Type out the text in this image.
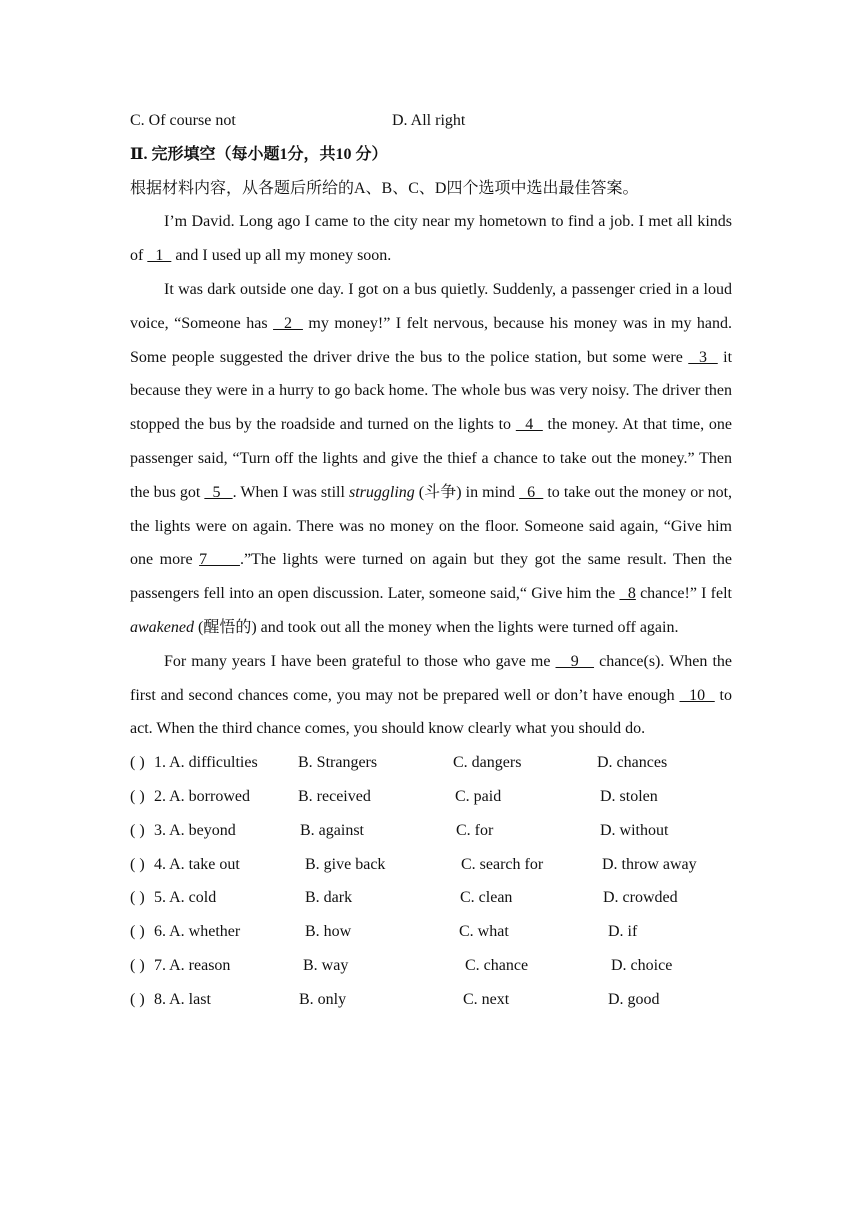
C. Of course not	D. All right
Ⅱ. 完形填空（每小题1分，共10 分）
根据材料内容，从各题后所给的A、B、C、D四个选项中选出最佳答案。

I’m David. Long ago I came to the city near my hometown to find a job. I met all kinds of   1   and I used up all my money soon.

It was dark outside one day. I got on a bus quietly. Suddenly, a passenger cried in a loud voice, “Someone has   2   my money!” I felt nervous, because his money was in my hand. Some people suggested the driver drive the bus to the police station, but some were   3   it because they were in a hurry to go back home. The whole bus was very noisy. The driver then stopped the bus by the roadside and turned on the lights to   4   the money. At that time, one passenger said, “Turn off the lights and give the thief a chance to take out the money.” Then the bus got   5   . When I was still struggling (斗争) in mind   6   to take out the money or not, the lights were on again. There was no money on the floor. Someone said again, “Give him one more 7     .”The lights were turned on again but they got the same result. Then the passengers fell into an open discussion. Later, someone said,“ Give him the   8 chance!” I felt awakened (醒悟的) and took out all the money when the lights were turned off again.

For many years I have been grateful to those who gave me    9    chance(s). When the first and second chances come, you may not be prepared well or don’t have enough   10   to act. When the third chance comes, you should know clearly what you should do.

( ) 1. A. difficulties	B. Strangers	C. dangers	D. chances
( ) 2. A. borrowed	B. received	C. paid	D. stolen
( ) 3. A. beyond	B. against	C. for	D. without
( ) 4. A. take out	B. give back	C. search for	D. throw away
( ) 5. A. cold	B. dark	C. clean	D. crowded
( ) 6. A. whether	B. how	C. what	D. if
( ) 7. A. reason	B. way	C. chance	D. choice
( ) 8. A. last	B. only	C. next	D. good
